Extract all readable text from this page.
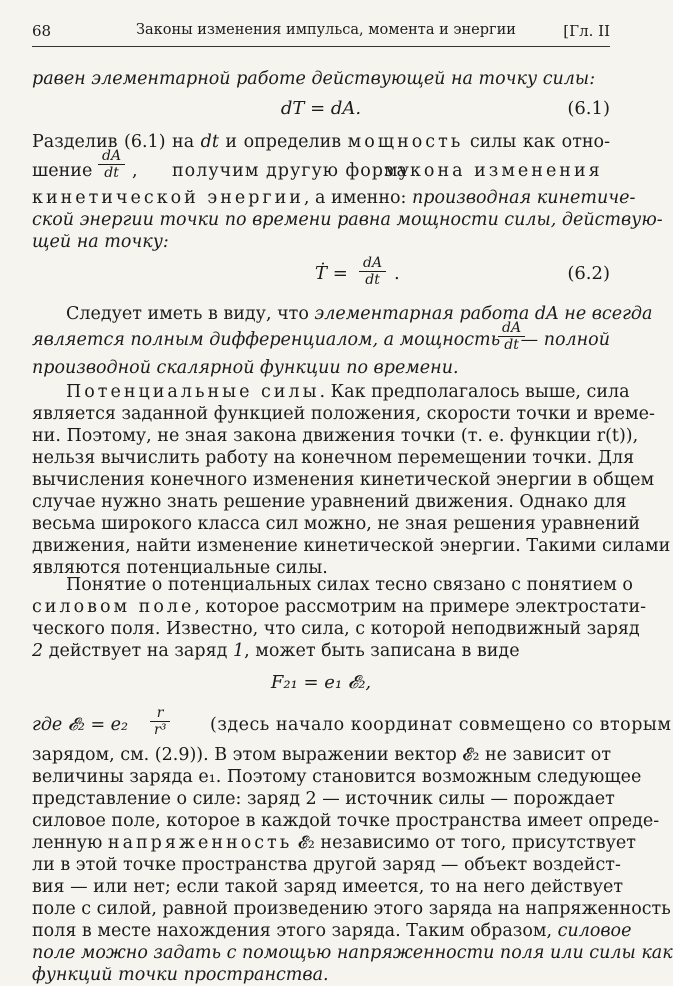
68	Законы изменения импульса, момента и энергии	[Гл. II
равен элементарной работе действующей на точку силы:
dT = dA.	(6.1)
Разделив (6.1) на dt и определив мощность силы как отно-
шение $\frac{dA}{dt}$ , получим другую форму
закона изменения
кинетической энергии, а именно: производная кинетиче-
ской энергии точки по времени равна мощности силы, действую-
щей на точку:
Ṫ = $\frac{dA}{dt}$ .	(6.2)
Следует иметь в виду, что элементарная работа dA не всегда
является полным дифференциалом, а мощность
$\frac{dA}{dt}$
— полной
производной скалярной функции по времени.
Потенциальные силы. Как предполагалось выше, сила
является заданной функцией положения, скорости точки и време-
ни. Поэтому, не зная закона движения точки (т. е. функции r(t)),
нельзя вычислить работу на конечном перемещении точки. Для
вычисления конечного изменения кинетической энергии в общем
случае нужно знать решение уравнений движения. Однако для
весьма широкого класса сил можно, не зная решения уравнений
движения, найти изменение кинетической энергии. Такими силами
являются потенциальные силы.
Понятие о потенциальных силах тесно связано с понятием о
силовом поле, которое рассмотрим на примере электростати-
ческого поля. Известно, что сила, с которой неподвижный заряд
2 действует на заряд 1, может быть записана в виде
F₂₁ = e₁ 𝓔₂,
где 𝓔₂ = $e_2 \frac{r}{\text{r³}}$ (здесь начало координат совмещено со вторым
зарядом, см. (2.9)). В этом выражении вектор 𝓔₂ не зависит от
величины заряда e₁. Поэтому становится возможным следующее
представление о силе: заряд 2 — источник силы — порождает
силовое поле, которое в каждой точке пространства имеет опреде-
ленную напряженность 𝓔₂ независимо от того, присутствует
ли в этой точке пространства другой заряд — объект воздейст-
вия — или нет; если такой заряд имеется, то на него действует
поле с силой, равной произведению этого заряда на напряженность
поля в месте нахождения этого заряда. Таким образом, силовое
поле можно задать с помощью напряженности поля или силы как
функций точки пространства.
